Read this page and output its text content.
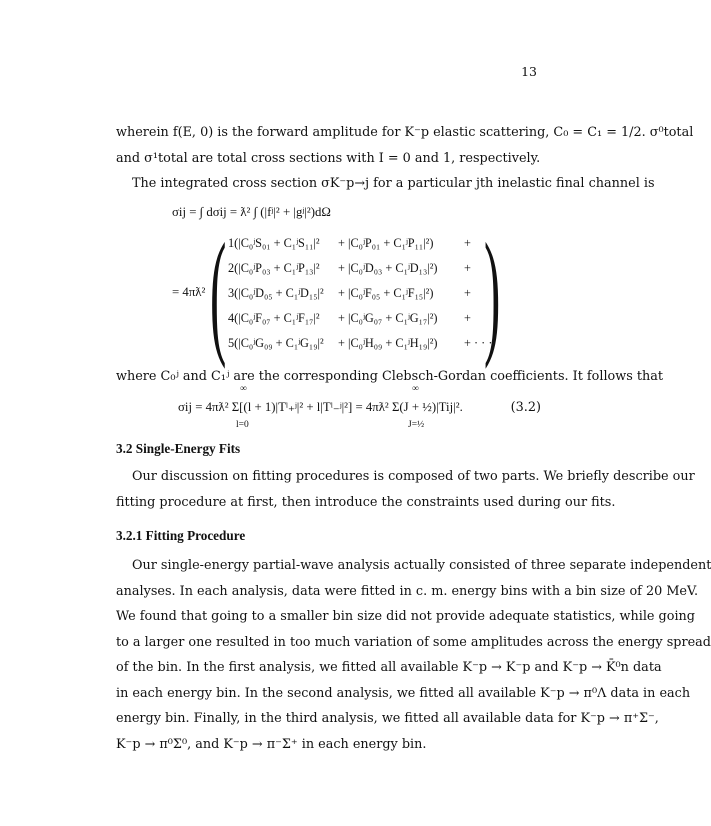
13
wherein f(E, 0) is the forward amplitude for K⁻p elastic scattering, C₀ = C₁ = 1/2. σ⁰total
and σ¹total are total cross sections with I = 0 and 1, respectively.
The integrated cross section σK⁻p→j for a particular jth inelastic final channel is
σij = ∫ dσij = ƛ² ∫ (|fʲ|² + |gʲ|²)dΩ
= 4πƛ² ( )
1(|C₀ʲS₀₁ + C₁ʲS₁₁|² + |C₀ʲP₀₁ + C₁ʲP₁₁|²) +
2(|C₀ʲP₀₃ + C₁ʲP₁₃|² + |C₀ʲD₀₃ + C₁ʲD₁₃|²) +
3(|C₀ʲD₀₅ + C₁ʲD₁₅|² + |C₀ʲF₀₅ + C₁ʲF₁₅|²) +
4(|C₀ʲF₀₇ + C₁ʲF₁₇|² + |C₀ʲG₀₇ + C₁ʲG₁₇|²) +
5(|C₀ʲG₀₉ + C₁ʲG₁₉|² + |C₀ʲH₀₉ + C₁ʲH₁₉|²) + · · ·
where C₀ʲ and C₁ʲ are the corresponding Clebsch-Gordan coefficients. It follows that
σij = 4πƛ² Σ[(l + 1)|Tˡ₊ʲ|² + l|Tˡ₋ʲ|²] = 4πƛ² Σ(J + ½)|Tij|².
∞
l=0
∞
J=½
(3.2)
3.2 Single-Energy Fits
Our discussion on fitting procedures is composed of two parts. We briefly describe our
fitting procedure at first, then introduce the constraints used during our fits.
3.2.1 Fitting Procedure
Our single-energy partial-wave analysis actually consisted of three separate independent
analyses. In each analysis, data were fitted in c. m. energy bins with a bin size of 20 MeV.
We found that going to a smaller bin size did not provide adequate statistics, while going
to a larger one resulted in too much variation of some amplitudes across the energy spread
of the bin. In the first analysis, we fitted all available K⁻p → K⁻p and K⁻p → K̄⁰n data
in each energy bin. In the second analysis, we fitted all available K⁻p → π⁰Λ data in each
energy bin. Finally, in the third analysis, we fitted all available data for K⁻p → π⁺Σ⁻,
K⁻p → π⁰Σ⁰, and K⁻p → π⁻Σ⁺ in each energy bin.
